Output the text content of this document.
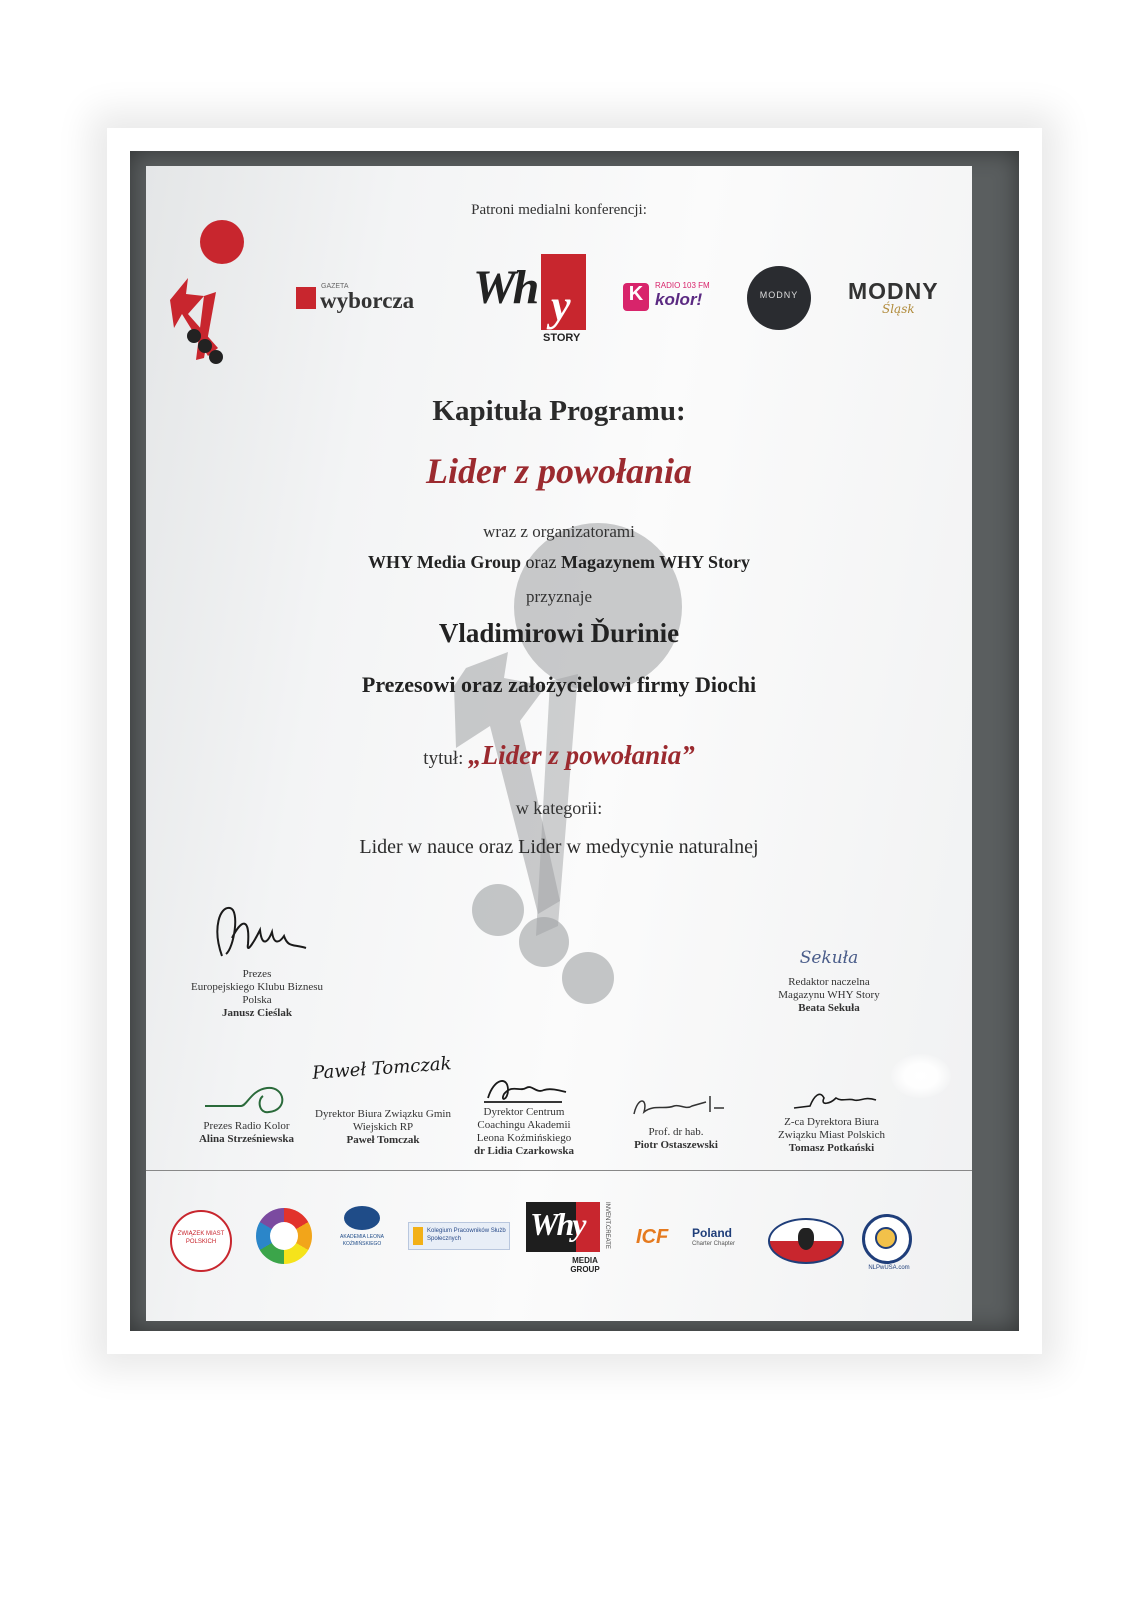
Patroni medialni konferencji:
GAZETA
wyborcza Wh y
STORY
K	RADIO 103 FM
kolor!	MODNY	MODNY
Śląsk
Kapituła Programu:
Lider z powołania
wraz z organizatorami
WHY Media Group oraz Magazynem WHY Story
przyznaje
Vladimirowi Ďurinie
Prezesowi oraz założycielowi firmy Diochi
tytuł: „Lider z powołania”
w kategorii:
Lider w nauce oraz Lider w medycynie naturalnej
Prezes
Europejskiego Klubu Biznesu
Polska
Janusz Cieślak
Sekuła
Redaktor naczelna
Magazynu WHY Story
Beata Sekuła
Prezes Radio Kolor
Alina Strześniewska
Paweł Tomczak
Dyrektor Biura Związku Gmin
Wiejskich RP
Paweł Tomczak
Dyrektor Centrum
Coachingu Akademii
Leona Koźmińskiego
dr Lidia Czarkowska
Prof. dr hab.
Piotr Ostaszewski
Z-ca Dyrektora Biura
Związku Miast Polskich
Tomasz Potkański
ZWIĄZEK MIAST POLSKICH
AKADEMIA LEONA KOŹMIŃSKIEGO
Kolegium Pracowników Służb Społecznych	Why	INVENT.CREATE
MEDIA GROUP
ICF Poland
Charter Chapter
NLPwUSA.com
